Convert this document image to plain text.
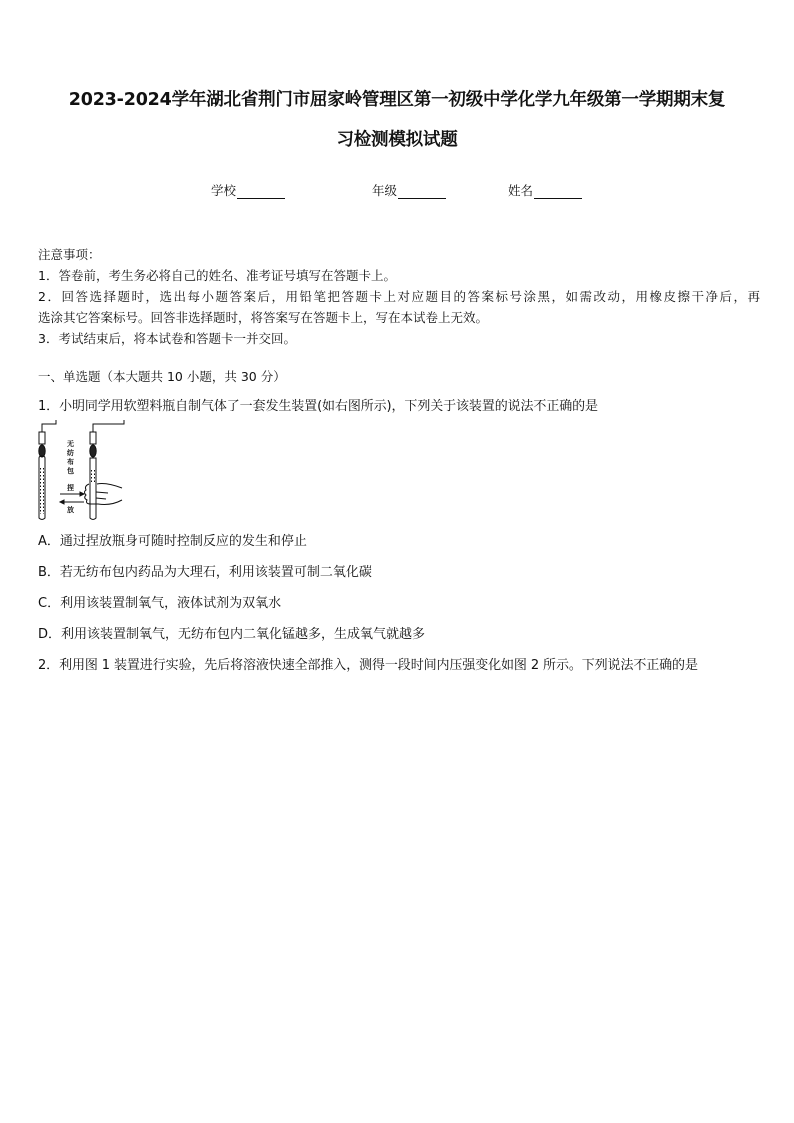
2023-2024学年湖北省荆门市屈家岭管理区第一初级中学化学九年级第一学期期末复
习检测模拟试题
学校	年级	姓名
注意事项：
1．答卷前，考生务必将自己的姓名、准考证号填写在答题卡上。
2．回答选择题时，选出每小题答案后，用铅笔把答题卡上对应题目的答案标号涂黑，如需改动，用橡皮擦干净后，再
选涂其它答案标号。回答非选择题时，将答案写在答题卡上，写在本试卷上无效。
3．考试结束后，将本试卷和答题卡一并交回。
一、单选题（本大题共 10 小题，共 30 分）
1．小明同学用软塑料瓶自制气体了一套发生装置(如右图所示)，下列关于该装置的说法不正确的是
无
纺
布
包
捏
放
A．通过捏放瓶身可随时控制反应的发生和停止
B．若无纺布包内药品为大理石，利用该装置可制二氧化碳
C．利用该装置制氧气，液体试剂为双氧水
D．利用该装置制氧气，无纺布包内二氧化锰越多，生成氧气就越多
2．利用图 1 装置进行实验，先后将溶液快速全部推入，测得一段时间内压强变化如图 2 所示。下列说法不正确的是
